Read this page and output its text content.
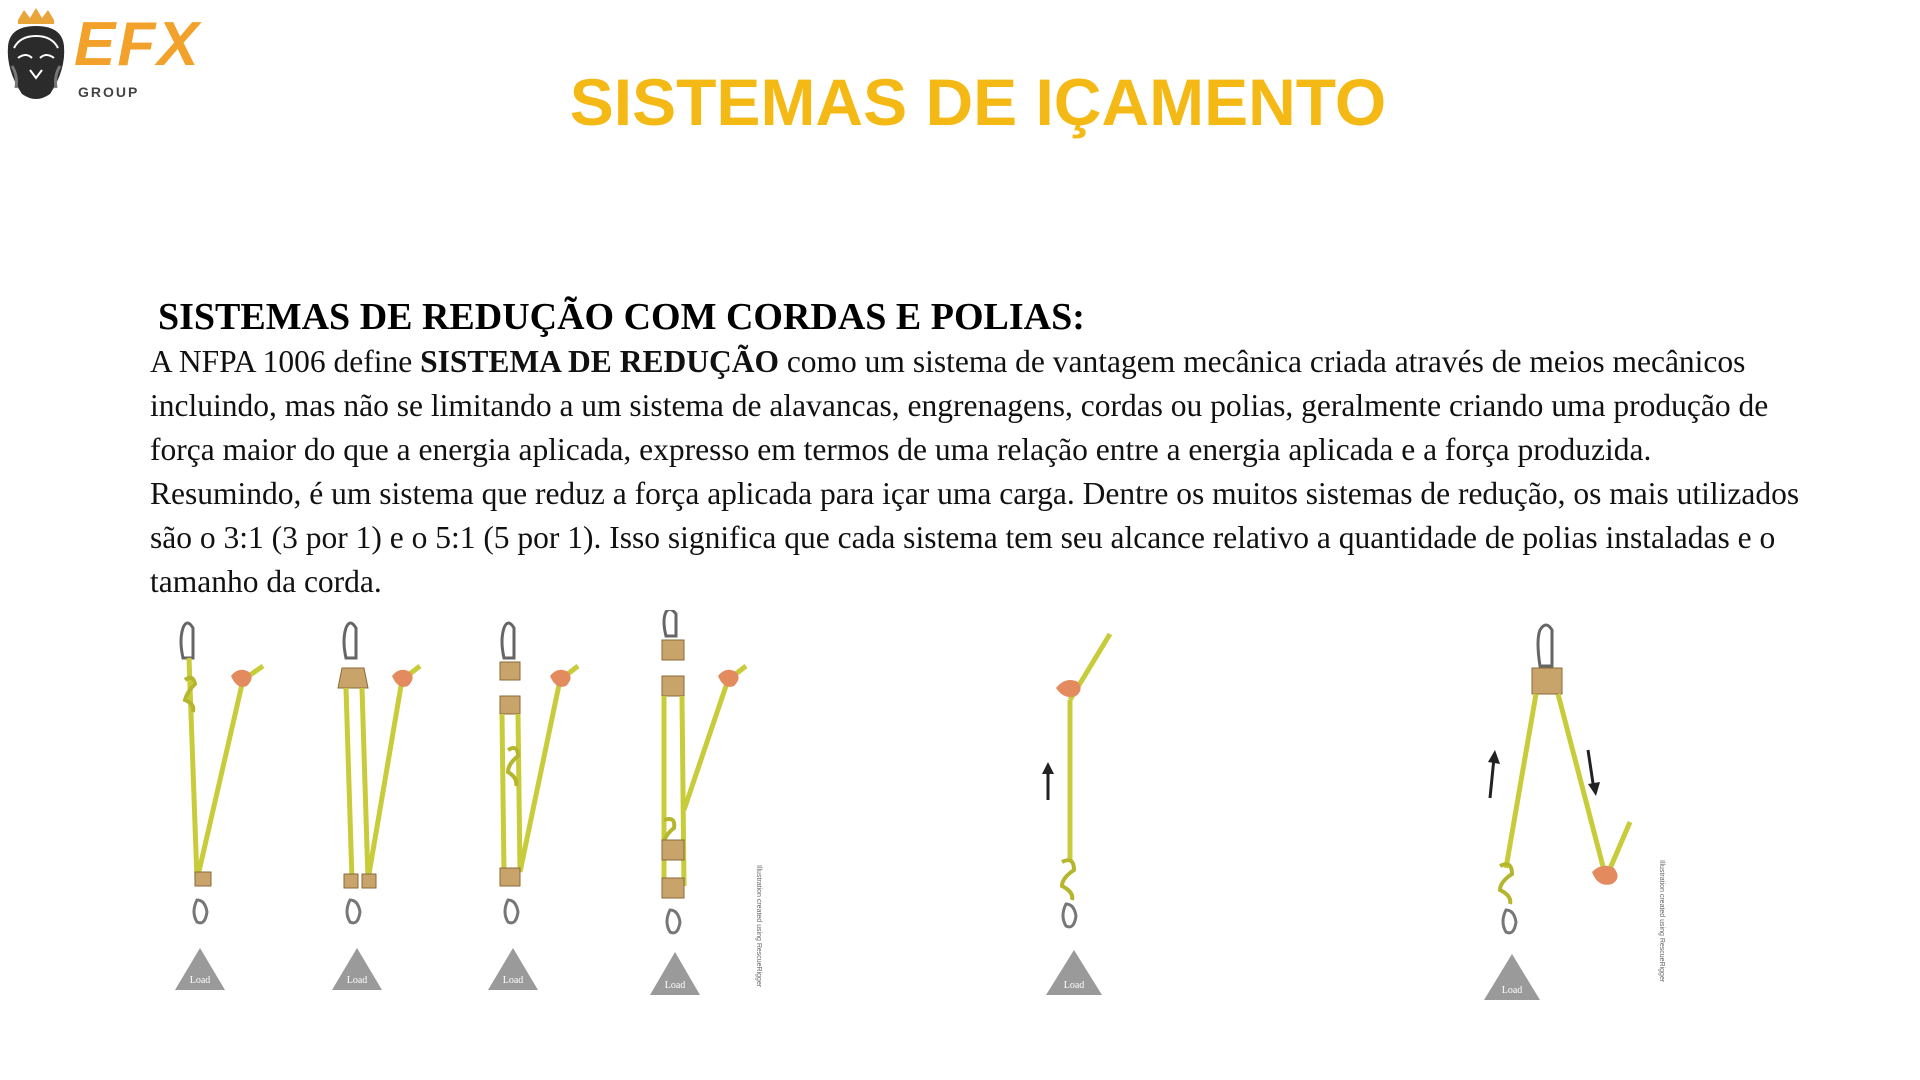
EFX
GROUP	SISTEMAS DE IÇAMENTO
SISTEMAS DE REDUÇÃO COM CORDAS E POLIAS:

A NFPA 1006 define SISTEMA DE REDUÇÃO como um sistema de vantagem mecânica criada através de meios mecânicos incluindo, mas não se limitando a um sistema de alavancas, engrenagens, cordas ou polias, geralmente criando uma produção de força maior do que a energia aplicada, expresso em termos de uma relação entre a energia aplicada e a força produzida. Resumindo, é um sistema que reduz a força aplicada para içar uma carga. Dentre os muitos sistemas de redução, os mais utilizados são o 3:1 (3 por 1) e o 5:1 (5 por 1). Isso significa que cada sistema tem seu alcance relativo a quantidade de polias instaladas e o tamanho da corda.

Load	Load	Load	Load	Illustration created using RescueRigger	Load	Load
Illustration created using RescueRigger
